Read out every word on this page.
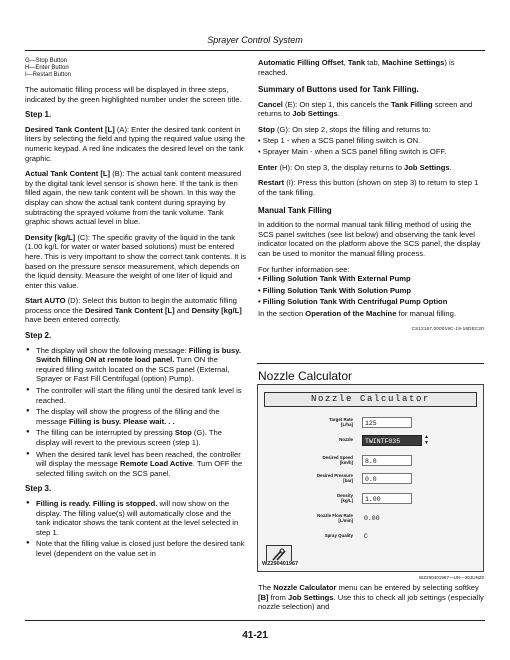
Sprayer Control System
G—Stop Button
H—Enter Button
I—Restart Button

The automatic filling process will be displayed in three steps, indicated by the green highlighted number under the screen title.

Step 1.

Desired Tank Content [L] (A): Enter the desired tank content in liters by selecting the field and typing the required value using the numeric keypad. A red line indicates the desired level on the tank graphic.

Actual Tank Content [L] (B): The actual tank content measured by the digital tank level sensor is shown here. If the tank is then filled again, the new tank content will be shown. In this way the display can show the actual tank content during spraying by subtracting the sprayed volume from the tank volume. Tank graphic shows actual level in blue.

Density [kg/L] (C): The specific gravity of the liquid in the tank (1.00 kg/L for water or water based solutions) must be entered here. This is very important to show the correct tank contents. It is based on the pressure sensor measurement, which depends on the liquid density. Measure the weight of one liter of liquid and enter this value.

Start AUTO (D): Select this button to begin the automatic filling process once the Desired Tank Content [L] and Density [kg/L] have been entered correctly.

Step 2.
● The display will show the following message: Filling is busy. Switch filling ON at remote load panel. Turn ON the required filling switch located on the SCS panel (External, Sprayer or Fast Fill Centrifugal (option) Pump).
● The controller will start the filling until the desired tank level is reached.
● The display will show the progress of the filling and the message Filling is busy. Please wait. . .
● The filling can be interrupted by pressing Stop (G). The display will revert to the previous screen (step 1).
● When the desired tank level has been reached, the controller will display the message Remote Load Active. Turn OFF the selected filling switch on the SCS panel.
Step 3.
● Filling is ready. Filling is stopped. will now show on the display. The filling value(s) will automatically close and the tank indicator shows the tank content at the level selected in step 1.
● Note that the filling value is closed just before the desired tank level (dependent on the value set in

Automatic Filling Offset, Tank tab, Machine Settings) is reached.

Summary of Buttons used for Tank Filling.

Cancel (E): On step 1, this cancels the Tank Filling screen and returns to Job Settings.

Stop (G): On step 2, stops the filling and returns to:

• Step 1 - when a SCS panel filling switch is ON.
• Sprayer Main - when a SCS panel filling switch is OFF.

Enter (H): On step 3, the display returns to Job Settings.

Restart (I): Press this button (shown on step 3) to return to step 1 of the tank filling.

Manual Tank Filling

In addition to the normal manual tank filling method of using the SCS panel switches (see list below) and observing the tank level indicator located on the platform above the SCS panel, the display can be used to monitor the manual filling process.

For further information see:

• Filling Solution Tank With External Pump
• Filling Solution Tank With Solution Pump
• Filling Solution Tank With Centrifugal Pump Option

In the section Operation of the Machine for manual filling.

CS12167,000019C-19-16DEC20

Nozzle Calculator
Nozzle Calculator
Target Rate
[L/ha]	125
Nozzle	TWINTF035
▲
▼
Desired Speed
[km/h]	8.0
Desired Pressure
[bar]	0.0
Density
[kg/L]	1.00
Nozzle Flow Rate
[L/min]	0.00
Spray Quality	C
WZ290401967
WZ290401967—UN—30JUN20

The Nozzle Calculator menu can be entered by selecting softkey [B] from Job Settings. Use this to check all job settings (especially nozzle selection) and

41-21
